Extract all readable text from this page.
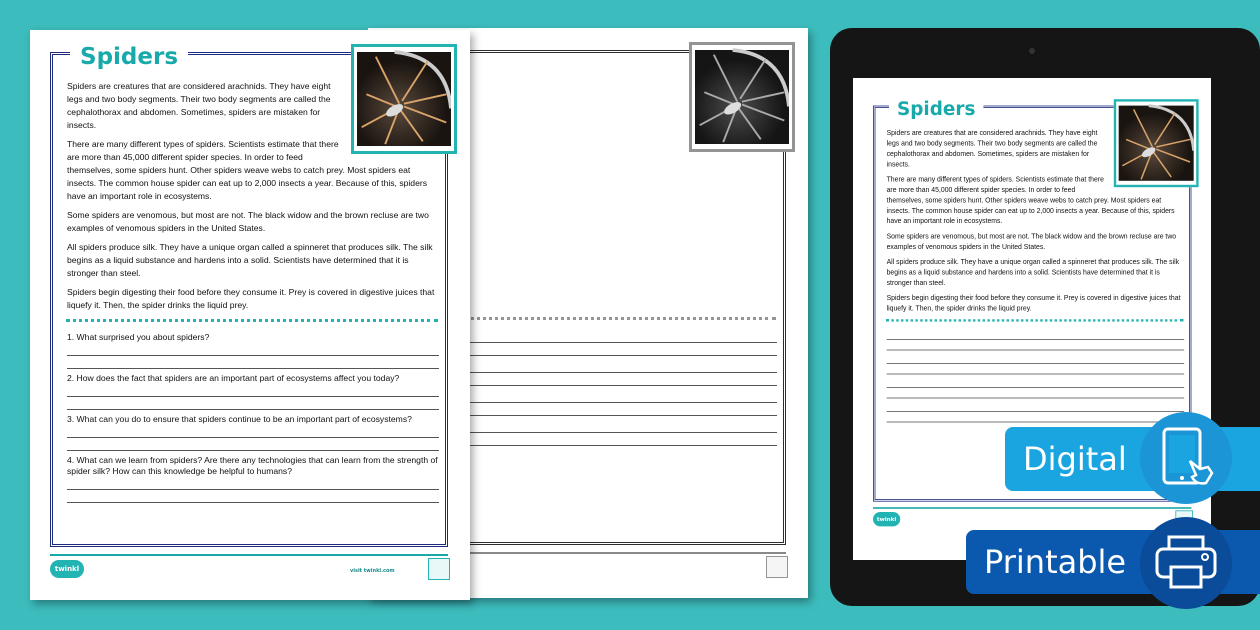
Spiders

Spiders are creatures that are considered arachnids. They have eight legs and two body segments. Their two body segments are called the cephalothorax and abdomen. Sometimes, spiders are mistaken for insects.

There are many different types of spiders. Scientists estimate that there are more than 45,000 different spider species. In order to feed themselves, some spiders hunt. Other spiders weave webs to catch prey. Most spiders eat insects. The common house spider can eat up to 2,000 insects a year. Because of this, spiders have an important role in ecosystems.

Some spiders are venomous, but most are not. The black widow and the brown recluse are two examples of venomous spiders in the United States.

All spiders produce silk. They have a unique organ called a spinneret that produces silk. The silk begins as a liquid substance and hardens into a solid. Scientists have determined that it is stronger than steel.

Spiders begin digesting their food before they consume it. Prey is covered in digestive juices that liquefy it. Then, the spider drinks the liquid prey.

1. What surprised you about spiders?
2. How does the fact that spiders are an important part of ecosystems affect you today?
3. What can you do to ensure that spiders continue to be an important part of ecosystems?
4. What can we learn from spiders? Are there any technologies that can learn from the strength of spider silk? How can this knowledge be helpful to humans?
twinkl	visit twinkl.com
Spiders

Spiders are creatures that are considered arachnids. They have eight legs and two body segments. Their two body segments are called the cephalothorax and abdomen. Sometimes, spiders are mistaken for insects.

There are many different types of spiders. Scientists estimate that there are more than 45,000 different spider species. In order to feed themselves, some spiders hunt. Other spiders weave webs to catch prey. Most spiders eat insects. The common house spider can eat up to 2,000 insects a year. Because of this, spiders have an important role in ecosystems.

Some spiders are venomous, but most are not. The black widow and the brown recluse are two examples of venomous spiders in the United States.

All spiders produce silk. They have a unique organ called a spinneret that produces silk. The silk begins as a liquid substance and hardens into a solid. Scientists have determined that it is stronger than steel.

Spiders begin digesting their food before they consume it. Prey is covered in digestive juices that liquefy it. Then, the spider drinks the liquid prey.

twinkl
Digital
Printable
